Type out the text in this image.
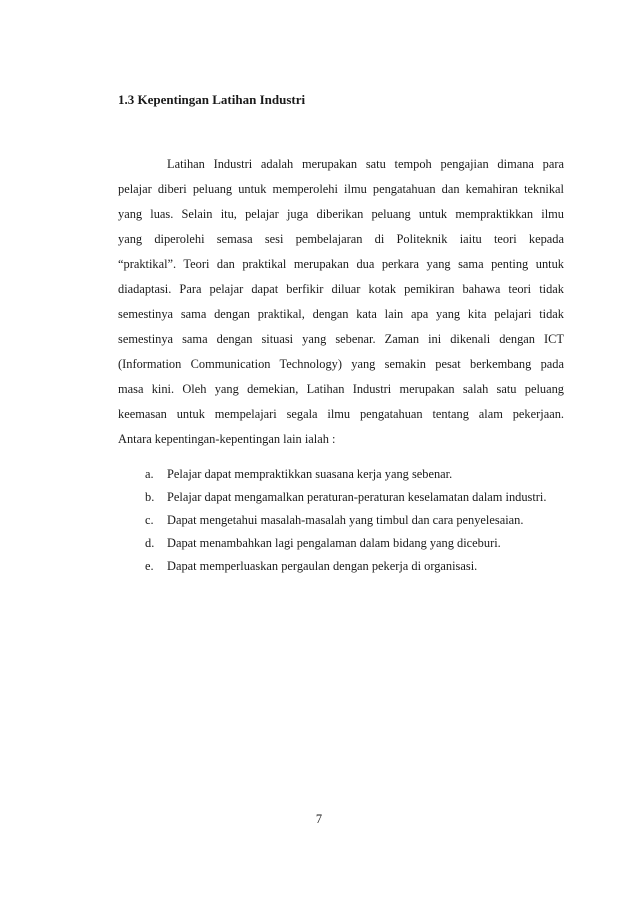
1.3 Kepentingan Latihan Industri
Latihan Industri adalah merupakan satu tempoh pengajian dimana para
pelajar diberi peluang untuk memperolehi ilmu pengatahuan dan kemahiran teknikal
yang luas. Selain itu, pelajar juga diberikan peluang untuk mempraktikkan ilmu
yang diperolehi semasa sesi pembelajaran di Politeknik iaitu teori kepada
“praktikal”. Teori dan praktikal merupakan dua perkara yang sama penting untuk
diadaptasi. Para pelajar dapat berfikir diluar kotak pemikiran bahawa teori tidak
semestinya sama dengan praktikal, dengan kata lain apa yang kita pelajari tidak
semestinya sama dengan situasi yang sebenar. Zaman ini dikenali dengan ICT
(Information Communication Technology) yang semakin pesat berkembang pada
masa kini. Oleh yang demekian, Latihan Industri merupakan salah satu peluang
keemasan untuk mempelajari segala ilmu pengatahuan tentang alam pekerjaan.
Antara kepentingan-kepentingan lain ialah :
a. Pelajar dapat mempraktikkan suasana kerja yang sebenar.
b. Pelajar dapat mengamalkan peraturan-peraturan keselamatan dalam industri.
c. Dapat mengetahui masalah-masalah yang timbul dan cara penyelesaian.
d. Dapat menambahkan lagi pengalaman dalam bidang yang diceburi.
e. Dapat memperluaskan pergaulan dengan pekerja di organisasi.
7
